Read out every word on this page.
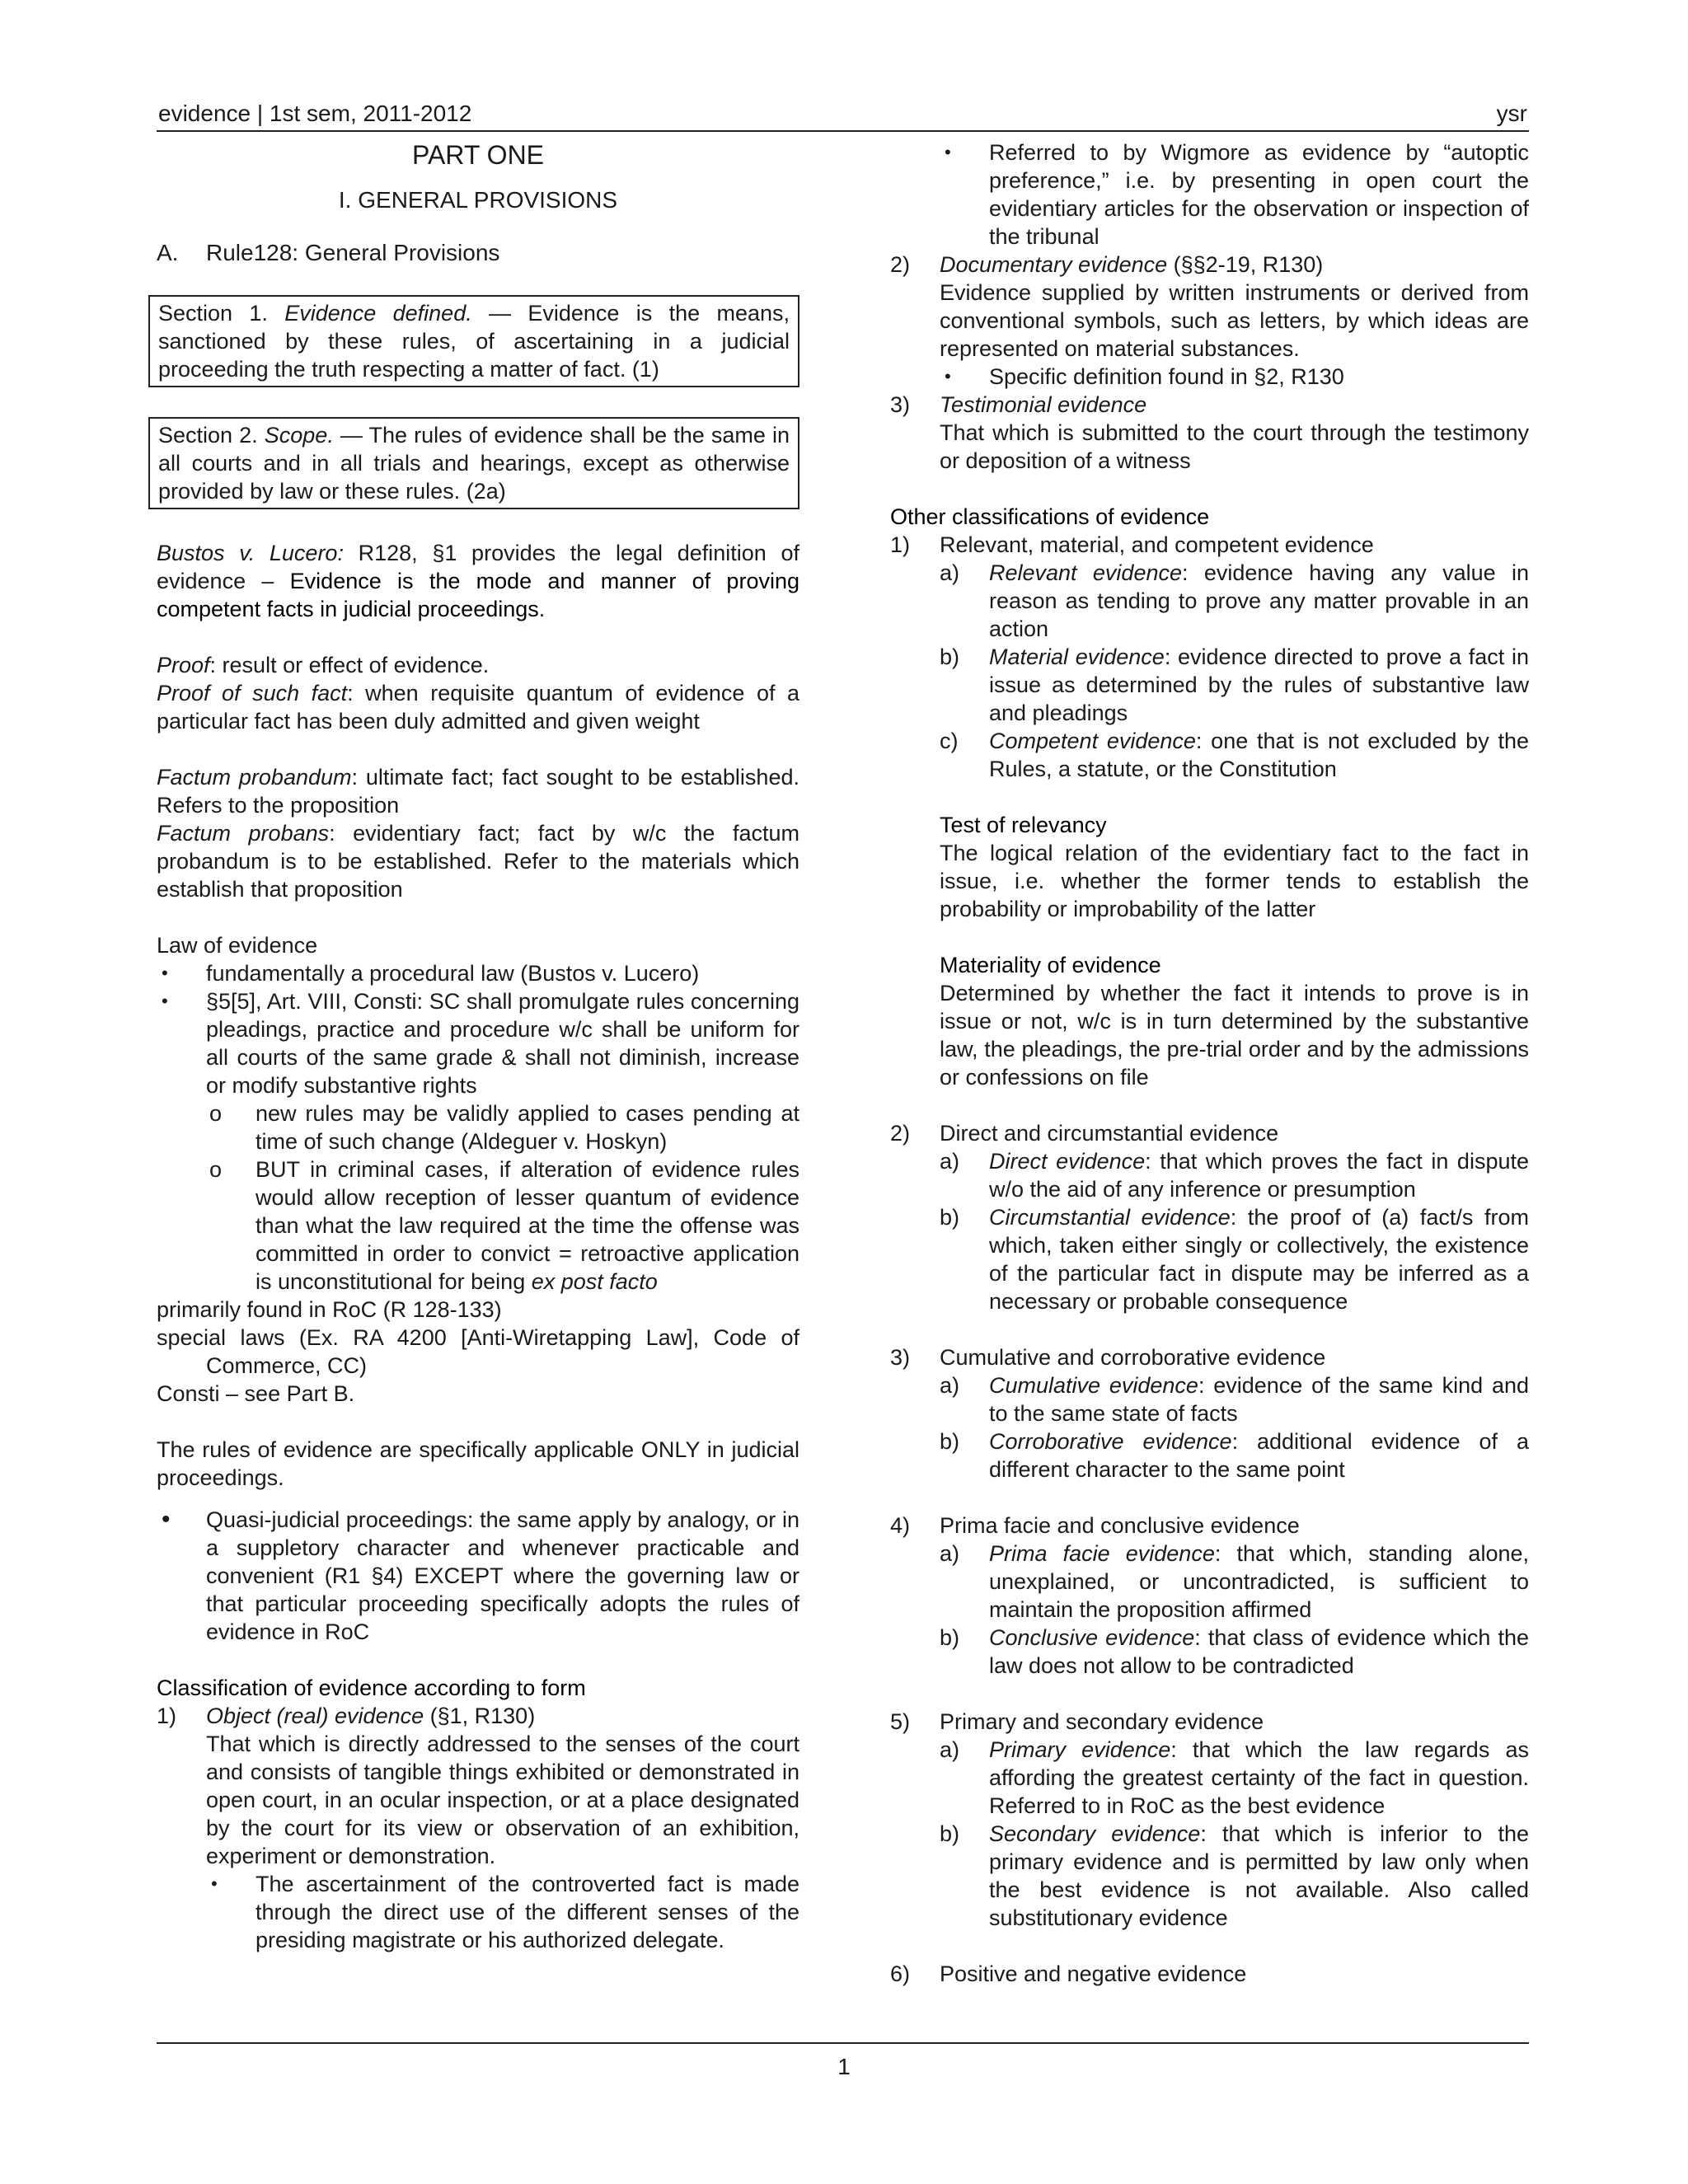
evidence | 1st sem, 2011-2012	ysr

PART ONE

I. GENERAL PROVISIONS

A. Rule128: General Provisions

Section 1. Evidence defined. — Evidence is the means, sanctioned by these rules, of ascertaining in a judicial proceeding the truth respecting a matter of fact. (1)
Section 2. Scope. — The rules of evidence shall be the same in all courts and in all trials and hearings, except as otherwise provided by law or these rules. (2a)

Bustos v. Lucero: R128, §1 provides the legal definition of evidence – Evidence is the mode and manner of proving competent facts in judicial proceedings.

Proof: result or effect of evidence.

Proof of such fact: when requisite quantum of evidence of a particular fact has been duly admitted and given weight

Factum probandum: ultimate fact; fact sought to be established. Refers to the proposition

Factum probans: evidentiary fact; fact by w/c the factum probandum is to be established. Refer to the materials which establish that proposition

Law of evidence

•	fundamentally a procedural law (Bustos v. Lucero)
•	§5[5], Art. VIII, Consti: SC shall promulgate rules concerning pleadings, practice and procedure w/c shall be uniform for all courts of the same grade & shall not diminish, increase or modify substantive rights
o	new rules may be validly applied to cases pending at time of such change (Aldeguer v. Hoskyn)
o	BUT in criminal cases, if alteration of evidence rules would allow reception of lesser quantum of evidence than what the law required at the time the offense was committed in order to convict = retroactive application is unconstitutional for being ex post facto

primarily found in RoC (R 128-133)

special laws (Ex. RA 4200 [Anti-Wiretapping Law], Code of Commerce, CC)

Consti – see Part B.

The rules of evidence are specifically applicable ONLY in judicial proceedings.

•	Quasi-judicial proceedings: the same apply by analogy, or in a suppletory character and whenever practicable and convenient (R1 §4) EXCEPT where the governing law or that particular proceeding specifically adopts the rules of evidence in RoC

Classification of evidence according to form

1)	Object (real) evidence (§1, R130)

That which is directly addressed to the senses of the court and consists of tangible things exhibited or demonstrated in open court, in an ocular inspection, or at a place designated by the court for its view or observation of an exhibition, experiment or demonstration.

•	The ascertainment of the controverted fact is made through the direct use of the different senses of the presiding magistrate or his authorized delegate.
•	Referred to by Wigmore as evidence by “autoptic preference,” i.e. by presenting in open court the evidentiary articles for the observation or inspection of the tribunal
2)	Documentary evidence (§§2-19, R130)

Evidence supplied by written instruments or derived from conventional symbols, such as letters, by which ideas are represented on material substances.

•	Specific definition found in §2, R130
3)	Testimonial evidence

That which is submitted to the court through the testimony or deposition of a witness

Other classifications of evidence

1)	Relevant, material, and competent evidence
a)	Relevant evidence: evidence having any value in reason as tending to prove any matter provable in an action
b)	Material evidence: evidence directed to prove a fact in issue as determined by the rules of substantive law and pleadings
c)	Competent evidence: one that is not excluded by the Rules, a statute, or the Constitution

Test of relevancy

The logical relation of the evidentiary fact to the fact in issue, i.e. whether the former tends to establish the probability or improbability of the latter

Materiality of evidence

Determined by whether the fact it intends to prove is in issue or not, w/c is in turn determined by the substantive law, the pleadings, the pre-trial order and by the admissions or confessions on file

2)	Direct and circumstantial evidence
a)	Direct evidence: that which proves the fact in dispute w/o the aid of any inference or presumption
b)	Circumstantial evidence: the proof of (a) fact/s from which, taken either singly or collectively, the existence of the particular fact in dispute may be inferred as a necessary or probable consequence
3)	Cumulative and corroborative evidence
a)	Cumulative evidence: evidence of the same kind and to the same state of facts
b)	Corroborative evidence: additional evidence of a different character to the same point
4)	Prima facie and conclusive evidence
a)	Prima facie evidence: that which, standing alone, unexplained, or uncontradicted, is sufficient to maintain the proposition affirmed
b)	Conclusive evidence: that class of evidence which the law does not allow to be contradicted
5)	Primary and secondary evidence
a)	Primary evidence: that which the law regards as affording the greatest certainty of the fact in question. Referred to in RoC as the best evidence
b)	Secondary evidence: that which is inferior to the primary evidence and is permitted by law only when the best evidence is not available. Also called substitutionary evidence
6)	Positive and negative evidence
1
